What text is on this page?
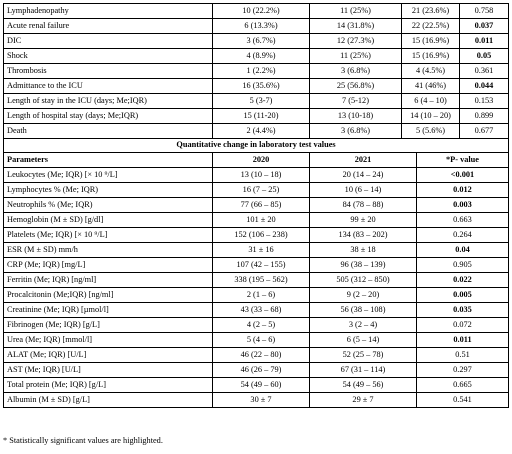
Lymphadenopathy	10 (22.2%)	11 (25%)	21 (23.6%)	0.758
Acute renal failure	6 (13.3%)	14 (31.8%)	22 (22.5%)	0.037
DIC	3 (6.7%)	12 (27.3%)	15 (16.9%)	0.011
Shock	4 (8.9%)	11 (25%)	15 (16.9%)	0.05
Thrombosis	1 (2.2%)	3 (6.8%)	4 (4.5%)	0.361
Admittance to the ICU	16 (35.6%)	25 (56.8%)	41 (46%)	0.044
Length of stay in the ICU (days; Me;IQR)	5 (3-7)	7 (5-12)	6 (4 – 10)	0.153
Length of hospital stay (days; Me;IQR)	15 (11-20)	13 (10-18)	14 (10 – 20)	0.899
Death	2 (4.4%)	3 (6.8%)	5 (5.6%)	0.677
Quantitative change in laboratory test values			
Parameters	2020	2021	*P- value
Leukocytes (Me; IQR) [× 10 ⁹/L]	13 (10 – 18)	20 (14 – 24)	<0.001
Lymphocytes % (Me; IQR)	16 (7 – 25)	10 (6 – 14)	0.012
Neutrophils % (Me; IQR)	77 (66 – 85)	84 (78 – 88)	0.003
Hemoglobin (M ± SD) [g/dl]	101 ± 20	99 ± 20	0.663
Platelets (Me; IQR) [× 10 ⁹/L]	152 (106 – 238)	134 (83 – 202)	0.264
ESR (M ± SD) mm/h	31 ± 16	38 ± 18	0.04
CRP (Me; IQR) [mg/L]	107 (42 – 155)	96 (38 – 139)	0.905
Ferritin (Me; IQR) [ng/ml]	338 (195 – 562)	505 (312 – 850)	0.022
Procalcitonin (Me;IQR) [ng/ml]	2 (1 – 6)	9 (2 – 20)	0.005
Creatinine (Me; IQR) [µmol/l]	43 (33 – 68)	56 (38 – 108)	0.035
Fibrinogen (Me; IQR) [g/L]	4 (2 – 5)	3 (2 – 4)	0.072
Urea (Me; IQR) [mmol/l]	5 (4 – 6)	6 (5 – 14)	0.011
ALAT (Me; IQR) [U/L]	46 (22 – 80)	52 (25 – 78)	0.51
AST (Me; IQR) [U/L]	46 (26 – 79)	67 (31 – 114)	0.297
Total protein (Me; IQR) [g/L]	54 (49 – 60)	54 (49 – 56)	0.665
Albumin (M ± SD) [g/L]	30 ± 7	29 ± 7	0.541
* Statistically significant values are highlighted.
